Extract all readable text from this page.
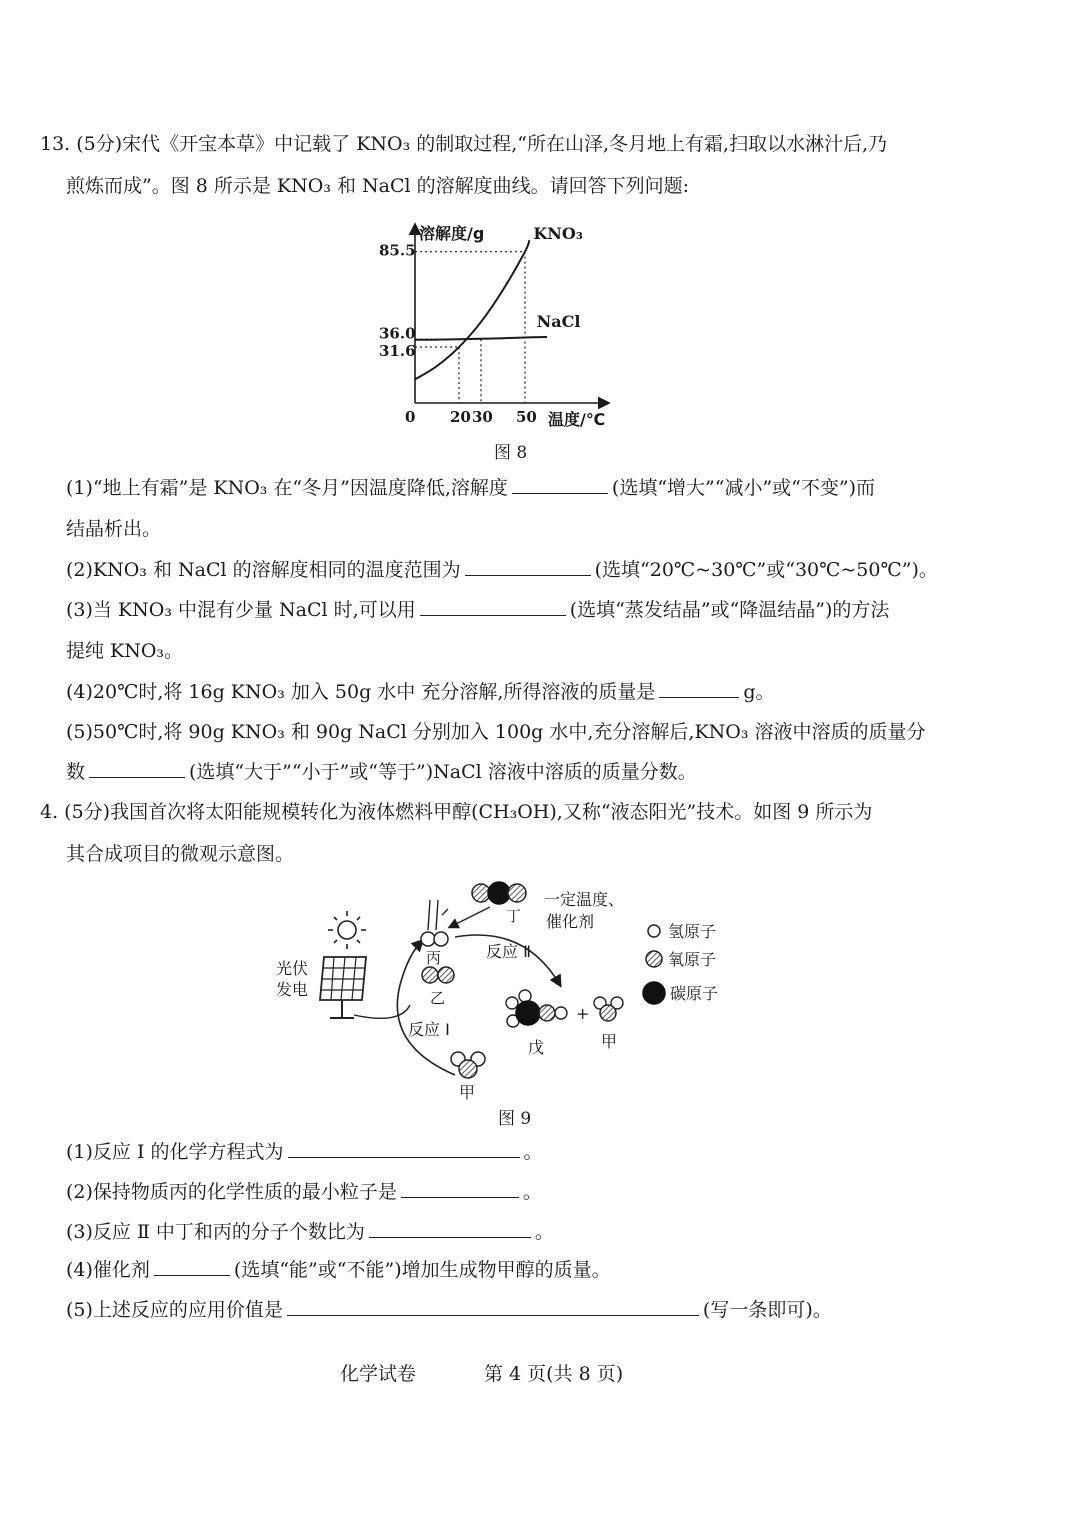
13. (5分)宋代《开宝本草》中记载了 KNO₃ 的制取过程,“所在山泽,冬月地上有霜,扫取以水淋汁后,乃
煎炼而成”。图 8 所示是 KNO₃ 和 NaCl 的溶解度曲线。请回答下列问题:
溶解度/g
温度/℃
0 20 30 50
85.5
36.0
31.6
KNO₃
NaCl
图 8
(1)“地上有霜”是 KNO₃ 在“冬月”因温度降低,溶解度	(选填“增大”“减小”或“不变”)而
结晶析出。
(2)KNO₃ 和 NaCl 的溶解度相同的温度范围为	(选填“20℃~30℃”或“30℃~50℃”)。
(3)当 KNO₃ 中混有少量 NaCl 时,可以用	(选填“蒸发结晶”或“降温结晶”)的方法
提纯 KNO₃。
(4)20℃时,将 16g KNO₃ 加入 50g 水中 充分溶解,所得溶液的质量是	g。
(5)50℃时,将 90g KNO₃ 和 90g NaCl 分别加入 100g 水中,充分溶解后,KNO₃ 溶液中溶质的质量分
数	(选填“大于”“小于”或“等于”)NaCl 溶液中溶质的质量分数。
4. (5分)我国首次将太阳能规模转化为液体燃料甲醇(CH₃OH),又称“液态阳光”技术。如图 9 所示为
其合成项目的微观示意图。
光伏
发电
反应 Ⅰ
甲
丙
乙
丁
一定温度、
催化剂
反应 Ⅱ
戊
+
甲
氢原子
氧原子
碳原子
图 9
(1)反应 Ⅰ 的化学方程式为	。
(2)保持物质丙的化学性质的最小粒子是	。
(3)反应 Ⅱ 中丁和丙的分子个数比为	。
(4)催化剂	(选填“能”或“不能”)增加生成物甲醇的质量。
(5)上述反应的应用价值是	(写一条即可)。
化学试卷	第 4 页(共 8 页)
